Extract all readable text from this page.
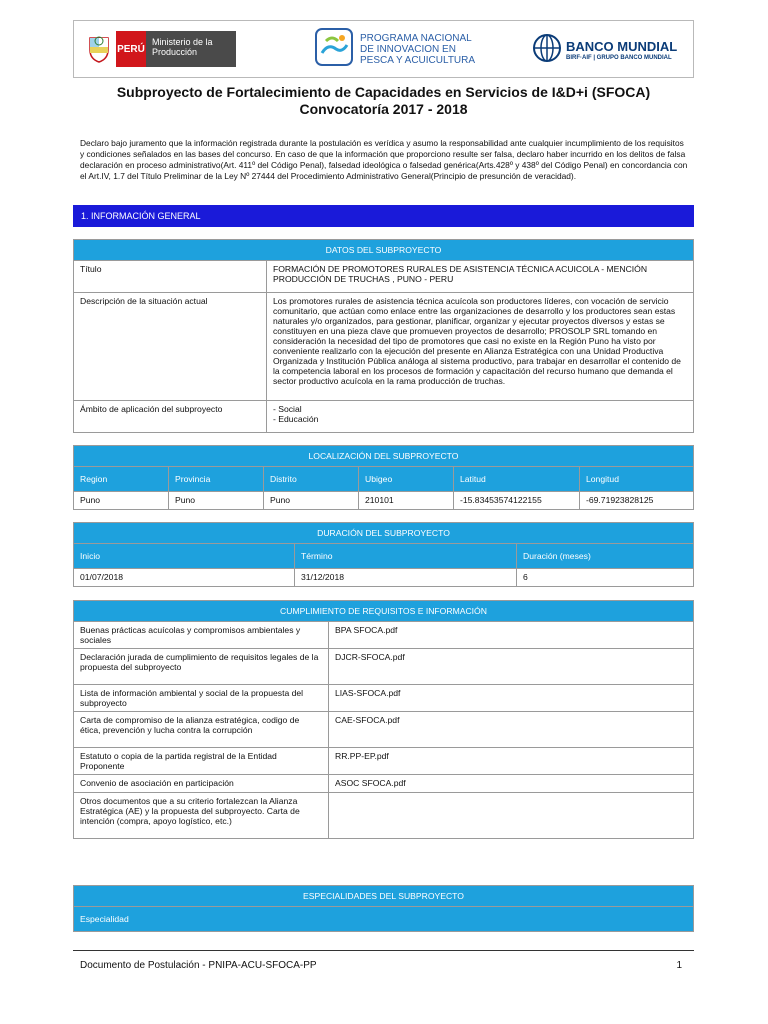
PERÚ
Ministerio de la Producción
PROGRAMA NACIONAL
DE INNOVACION EN
PESCA Y ACUICULTURA
BANCO MUNDIAL
BIRF·AIF | GRUPO BANCO MUNDIAL
Subproyecto de Fortalecimiento de Capacidades en Servicios de I&D+i (SFOCA)
Convocatoría 2017 - 2018
Declaro bajo juramento que la información registrada durante la postulación es verídica y asumo la responsabilidad ante cualquier incumplimiento de los requisitos y condiciones señalados en las bases del concurso. En caso de que la información que proporciono resulte ser falsa, declaro haber incurrido en los delitos de falsa declaración en proceso administrativo(Art. 411º del Código Penal), falsedad ideológica o falsedad genérica(Arts.428º y 438º del Código Penal) en concordancia con el Art.IV, 1.7 del Título Preliminar de la Ley Nº 27444 del Procedimiento Administrativo General(Principio de presunción de veracidad).
1. INFORMACIÓN GENERAL
DATOS DEL SUBPROYECTO	
Título	FORMACIÓN DE PROMOTORES RURALES DE ASISTENCIA TÉCNICA ACUICOLA - MENCIÓN PRODUCCIÓN DE TRUCHAS , PUNO - PERU
Descripción de la situación actual	Los promotores rurales de asistencia técnica acuícola son productores líderes, con vocación de servicio comunitario, que actúan como enlace entre las organizaciones de desarrollo y los productores sean estas naturales y/o organizados, para gestionar, planificar, organizar y ejecutar proyectos diversos y estas se constituyen en una pieza clave que promueven proyectos de desarrollo; PROSOLP SRL tomando en consideración la necesidad del tipo de promotores que casi no existe en la Región Puno ha visto por conveniente realizarlo con la ejecución del presente en Alianza Estratégica con una Unidad Productiva Organizada y Institución Pública análoga al sistema productivo, para trabajar en desarrollar el contenido de la competencia laboral en los procesos de formación y capacitación del recurso humano que demanda el sector productivo acuícola en la rama producción de truchas.
Ámbito de aplicación del subproyecto	- Social
- Educación
LOCALIZACIÓN DEL SUBPROYECTO					
Region	Provincia	Distrito	Ubigeo	Latitud	Longitud
Puno	Puno	Puno	210101	-15.83453574122155	-69.71923828125
DURACIÓN DEL SUBPROYECTO		
Inicio	Término	Duración (meses)
01/07/2018	31/12/2018	6
CUMPLIMIENTO DE REQUISITOS E INFORMACIÓN	
Buenas prácticas acuícolas y compromisos ambientales y sociales	BPA SFOCA.pdf
Declaración jurada de cumplimiento de requisitos legales de la propuesta del subproyecto	DJCR-SFOCA.pdf
Lista de información ambiental y social de la propuesta del subproyecto	LIAS-SFOCA.pdf
Carta de compromiso de la alianza estratégica, codigo de ética, prevención y lucha contra la corrupción	CAE-SFOCA.pdf
Estatuto o copia de la partida registral de la Entidad Proponente	RR.PP-EP.pdf
Convenio de asociación en participación	ASOC SFOCA.pdf
Otros documentos que a su criterio fortalezcan la Alianza Estratégica (AE) y la propuesta del subproyecto. Carta de intención (compra, apoyo logístico, etc.)	
ESPECIALIDADES DEL SUBPROYECTO
Especialidad
Documento de Postulación - PNIPA-ACU-SFOCA-PP	1
